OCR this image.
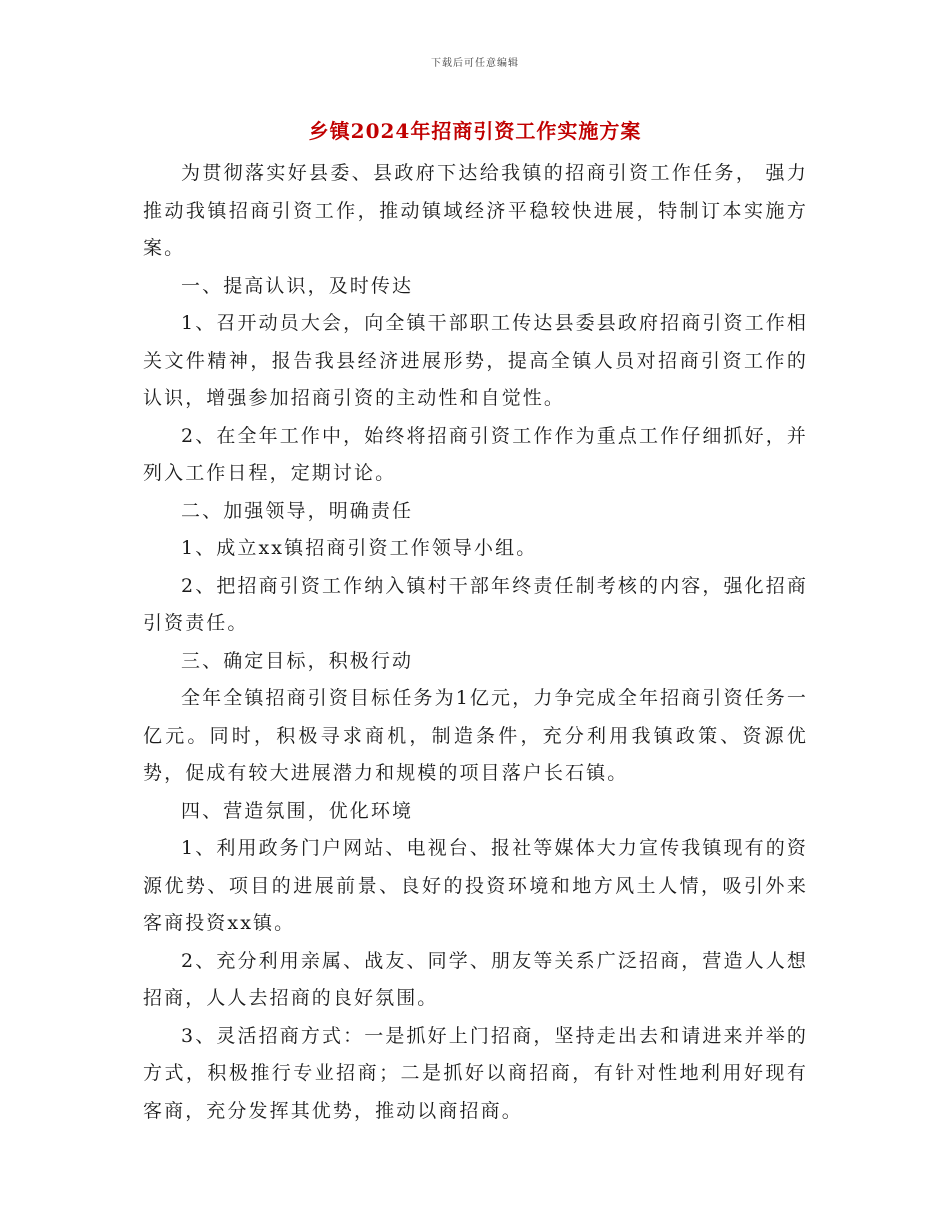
下载后可任意编辑
乡镇2024年招商引资工作实施方案

为贯彻落实好县委、县政府下达给我镇的招商引资工作任务， 强力推动我镇招商引资工作，推动镇域经济平稳较快进展，特制订本实施方案。

一、提高认识，及时传达

1、召开动员大会，向全镇干部职工传达县委县政府招商引资工作相关文件精神，报告我县经济进展形势，提高全镇人员对招商引资工作的认识，增强参加招商引资的主动性和自觉性。

2、在全年工作中，始终将招商引资工作作为重点工作仔细抓好，并列入工作日程，定期讨论。

二、加强领导，明确责任

1、成立xx镇招商引资工作领导小组。

2、把招商引资工作纳入镇村干部年终责任制考核的内容，强化招商引资责任。

三、确定目标，积极行动

全年全镇招商引资目标任务为1亿元，力争完成全年招商引资任务一亿元。同时，积极寻求商机，制造条件，充分利用我镇政策、资源优势，促成有较大进展潜力和规模的项目落户长石镇。

四、营造氛围，优化环境

1、利用政务门户网站、电视台、报社等媒体大力宣传我镇现有的资源优势、项目的进展前景、良好的投资环境和地方风土人情，吸引外来客商投资xx镇。

2、充分利用亲属、战友、同学、朋友等关系广泛招商，营造人人想招商，人人去招商的良好氛围。

3、灵活招商方式：一是抓好上门招商，坚持走出去和请进来并举的方式，积极推行专业招商；二是抓好以商招商，有针对性地利用好现有客商，充分发挥其优势，推动以商招商。
